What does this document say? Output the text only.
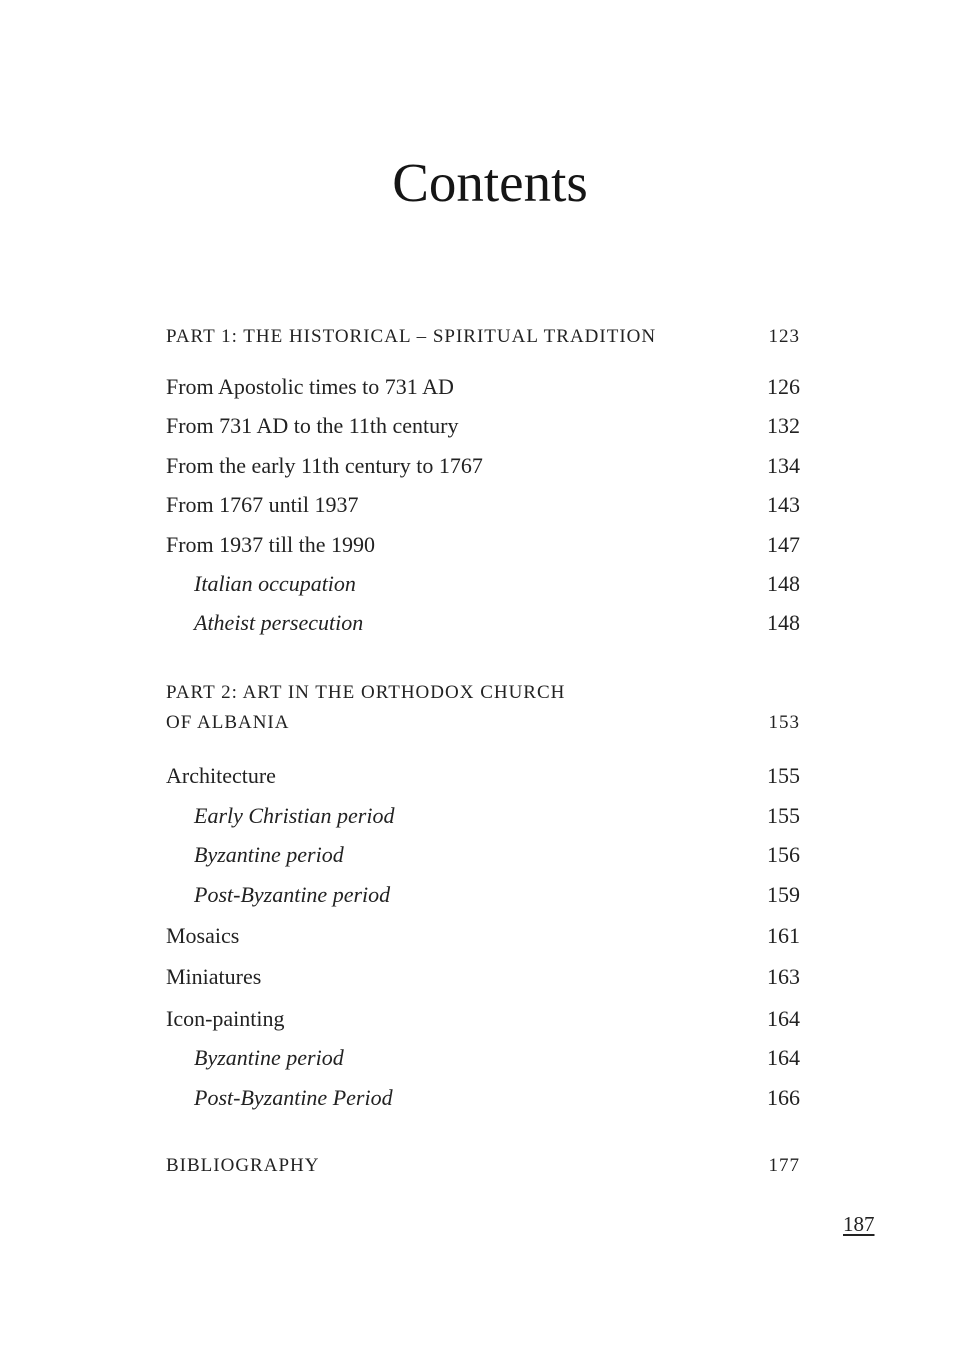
Contents
PART 1: THE HISTORICAL – SPIRITUAL TRADITION	123
From Apostolic times to 731 AD	126
From 731 AD to the 11th century	132
From the early 11th century to 1767	134
From 1767 until 1937	143
From 1937 till the 1990	147
Italian occupation	148
Atheist persecution	148
PART 2: ART IN THE ORTHODOX CHURCH
OF ALBANIA	153
Architecture	155
Early Christian period	155
Byzantine period	156
Post-Byzantine period	159
Mosaics	161
Miniatures	163
Icon-painting	164
Byzantine period	164
Post-Byzantine Period	166
BIBLIOGRAPHY	177
187
